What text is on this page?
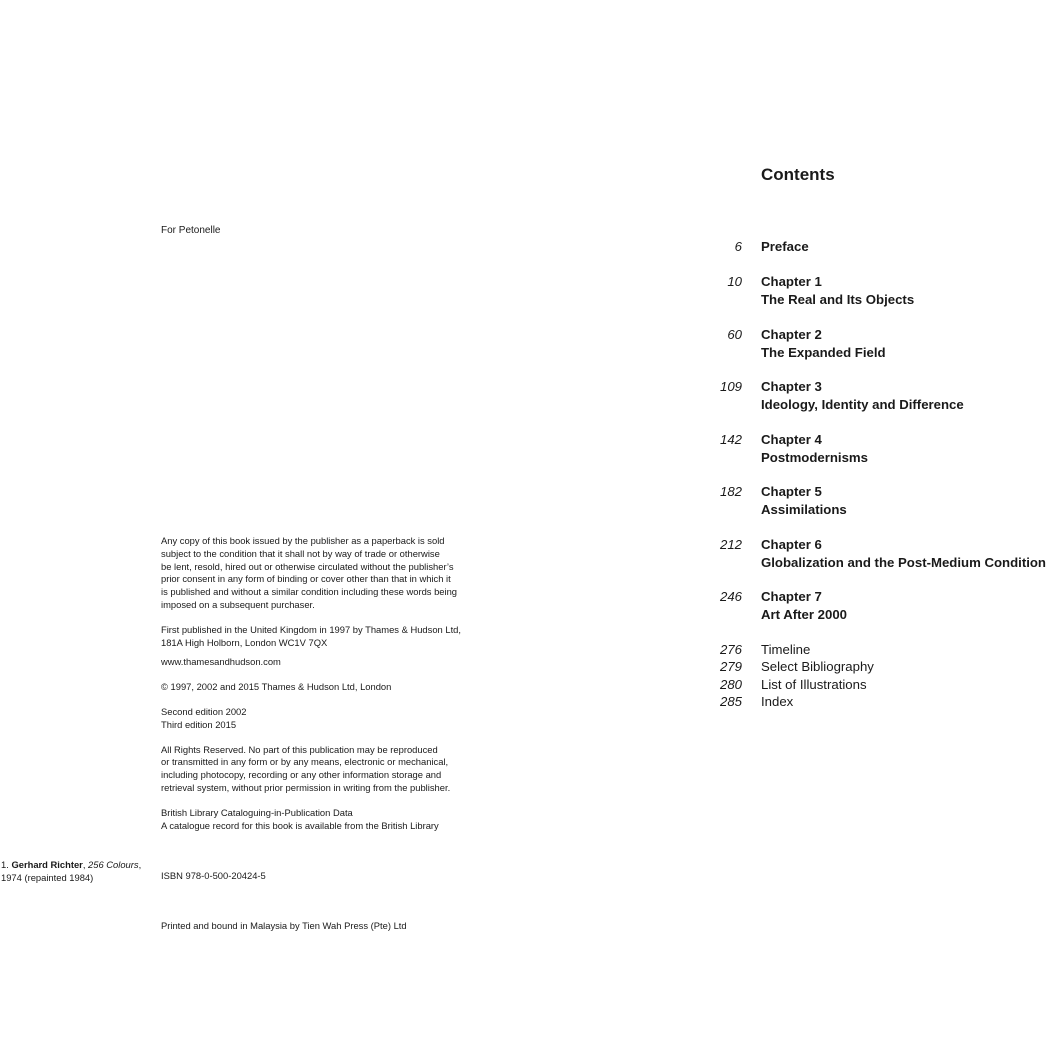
For Petonelle

Any copy of this book issued by the publisher as a paperback is sold
subject to the condition that it shall not by way of trade or otherwise
be lent, resold, hired out or otherwise circulated without the publisher’s
prior consent in any form of binding or cover other than that in which it
is published and without a similar condition including these words being
imposed on a subsequent purchaser.

First published in the United Kingdom in 1997 by Thames & Hudson Ltd,
181A High Holborn, London WC1V 7QX

www.thamesandhudson.com

© 1997, 2002 and 2015 Thames & Hudson Ltd, London

Second edition 2002
Third edition 2015

All Rights Reserved. No part of this publication may be reproduced
or transmitted in any form or by any means, electronic or mechanical,
including photocopy, recording or any other information storage and
retrieval system, without prior permission in writing from the publisher.

British Library Cataloguing-in-Publication Data
A catalogue record for this book is available from the British Library

ISBN 978-0-500-20424-5

Printed and bound in Malaysia by Tien Wah Press (Pte) Ltd

1. Gerhard Richter, 256 Colours,
1974 (repainted 1984)
Contents
6 Preface
10 Chapter 1
The Real and Its Objects
60 Chapter 2
The Expanded Field
109 Chapter 3
Ideology, Identity and Difference
142 Chapter 4
Postmodernisms
182 Chapter 5
Assimilations
212 Chapter 6
Globalization and the Post-Medium Condition
246 Chapter 7
Art After 2000
276 Timeline
279 Select Bibliography
280 List of Illustrations
285 Index
